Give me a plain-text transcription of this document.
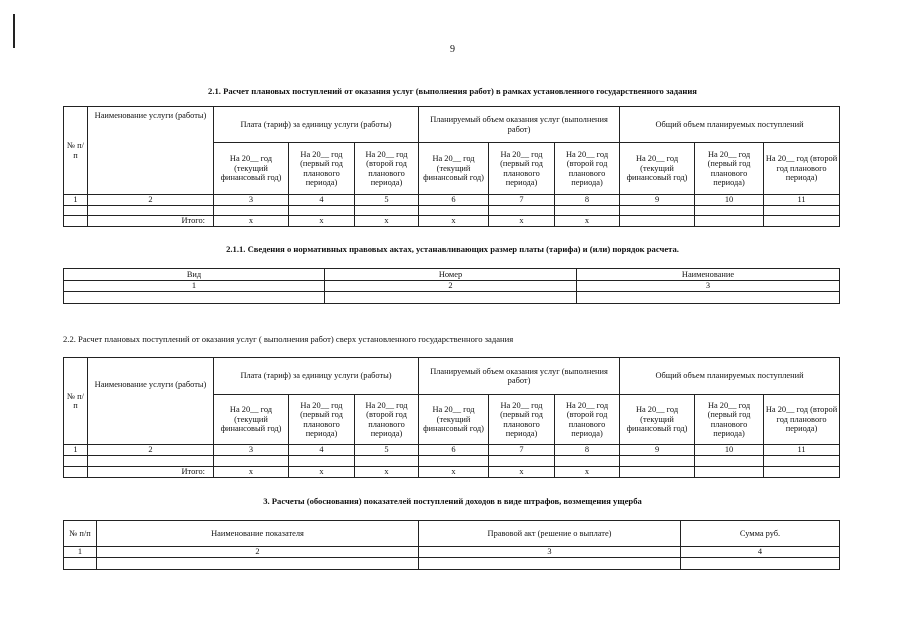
9
2.1. Расчет плановых поступлений от оказания услуг (выполнения работ) в рамках установленного государственного задания
№ п/п	Наименование услуги (работы)	Плата (тариф) за единицу услуги (работы)			Планируемый объем оказания услуг (выполнения работ)			Общий объем планируемых поступлений		
		На 20__ год (текущий финансовый год)	На 20__ год (первый год планового периода)	На 20__ год (второй год планового периода)	На 20__ год (текущий финансовый год)	На 20__ год (первый год планового периода)	На 20__ год (второй год планового периода)	На 20__ год (текущий финансовый год)	На 20__ год (первый год планового периода)	На 20__ год (второй год планового периода)
1	2	3	4	5	6	7	8	9	10	11

	Итого:	x	x	x	x	x	x			
2.1.1. Сведения о нормативных правовых актах, устанавливающих размер платы (тарифа) и (или) порядок расчета.
Вид	Номер	Наименование
1	2	3

2.2. Расчет плановых поступлений от оказания услуг ( выполнения работ) сверх установленного государственного задания
№ п/п	Наименование услуги (работы)	Плата (тариф) за единицу услуги (работы)			Планируемый объем оказания услуг (выполнения работ)			Общий объем планируемых поступлений		
		На 20__ год (текущий финансовый год)	На 20__ год (первый год планового периода)	На 20__ год (второй год планового периода)	На 20__ год (текущий финансовый год)	На 20__ год (первый год планового периода)	На 20__ год (второй год планового периода)	На 20__ год (текущий финансовый год)	На 20__ год (первый год планового периода)	На 20__ год (второй год планового периода)
1	2	3	4	5	6	7	8	9	10	11

	Итого:	x	x	x	x	x	x			
3. Расчеты (обоснования) показателей поступлений доходов в виде штрафов, возмещения ущерба
№ п/п	Наименование показателя	Правовой акт (решение о выплате)	Сумма руб.
1	2	3	4
